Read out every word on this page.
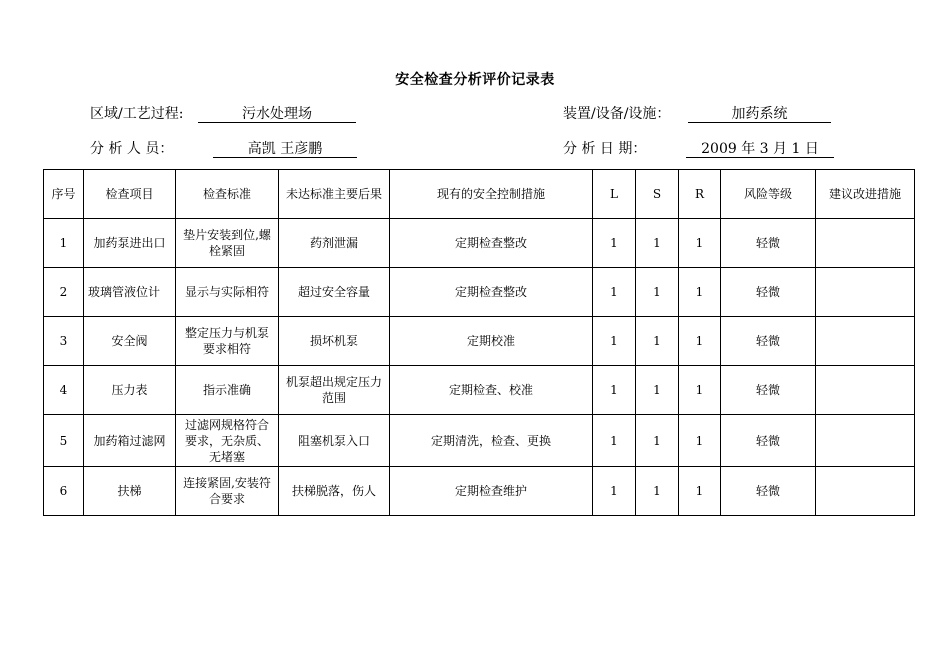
安全检查分析评价记录表
区域/工艺过程:	污水处理场	装置/设备/设施：	加药系统
分 析 人 员：	高凯 王彦鹏	分 析 日 期：	2009 年 3 月 1 日
序号	检查项目	检查标准	未达标准主要后果	现有的安全控制措施	L	S	R	风险等级	建议改进措施
1	加药泵进出口	垫片安装到位,螺栓紧固	药剂泄漏	定期检查整改	1	1	1	轻微	
2	玻璃管液位计	显示与实际相符	超过安全容量	定期检查整改	1	1	1	轻微	
3	安全阀	整定压力与机泵要求相符	损坏机泵	定期校准	1	1	1	轻微	
4	压力表	指示准确	机泵超出规定压力范围	定期检查、校准	1	1	1	轻微	
5	加药箱过滤网	过滤网规格符合要求，无杂质、无堵塞	阻塞机泵入口	定期清洗，检查、更换	1	1	1	轻微	
6	扶梯	连接紧固,安装符合要求	扶梯脱落，伤人	定期检查维护	1	1	1	轻微	
